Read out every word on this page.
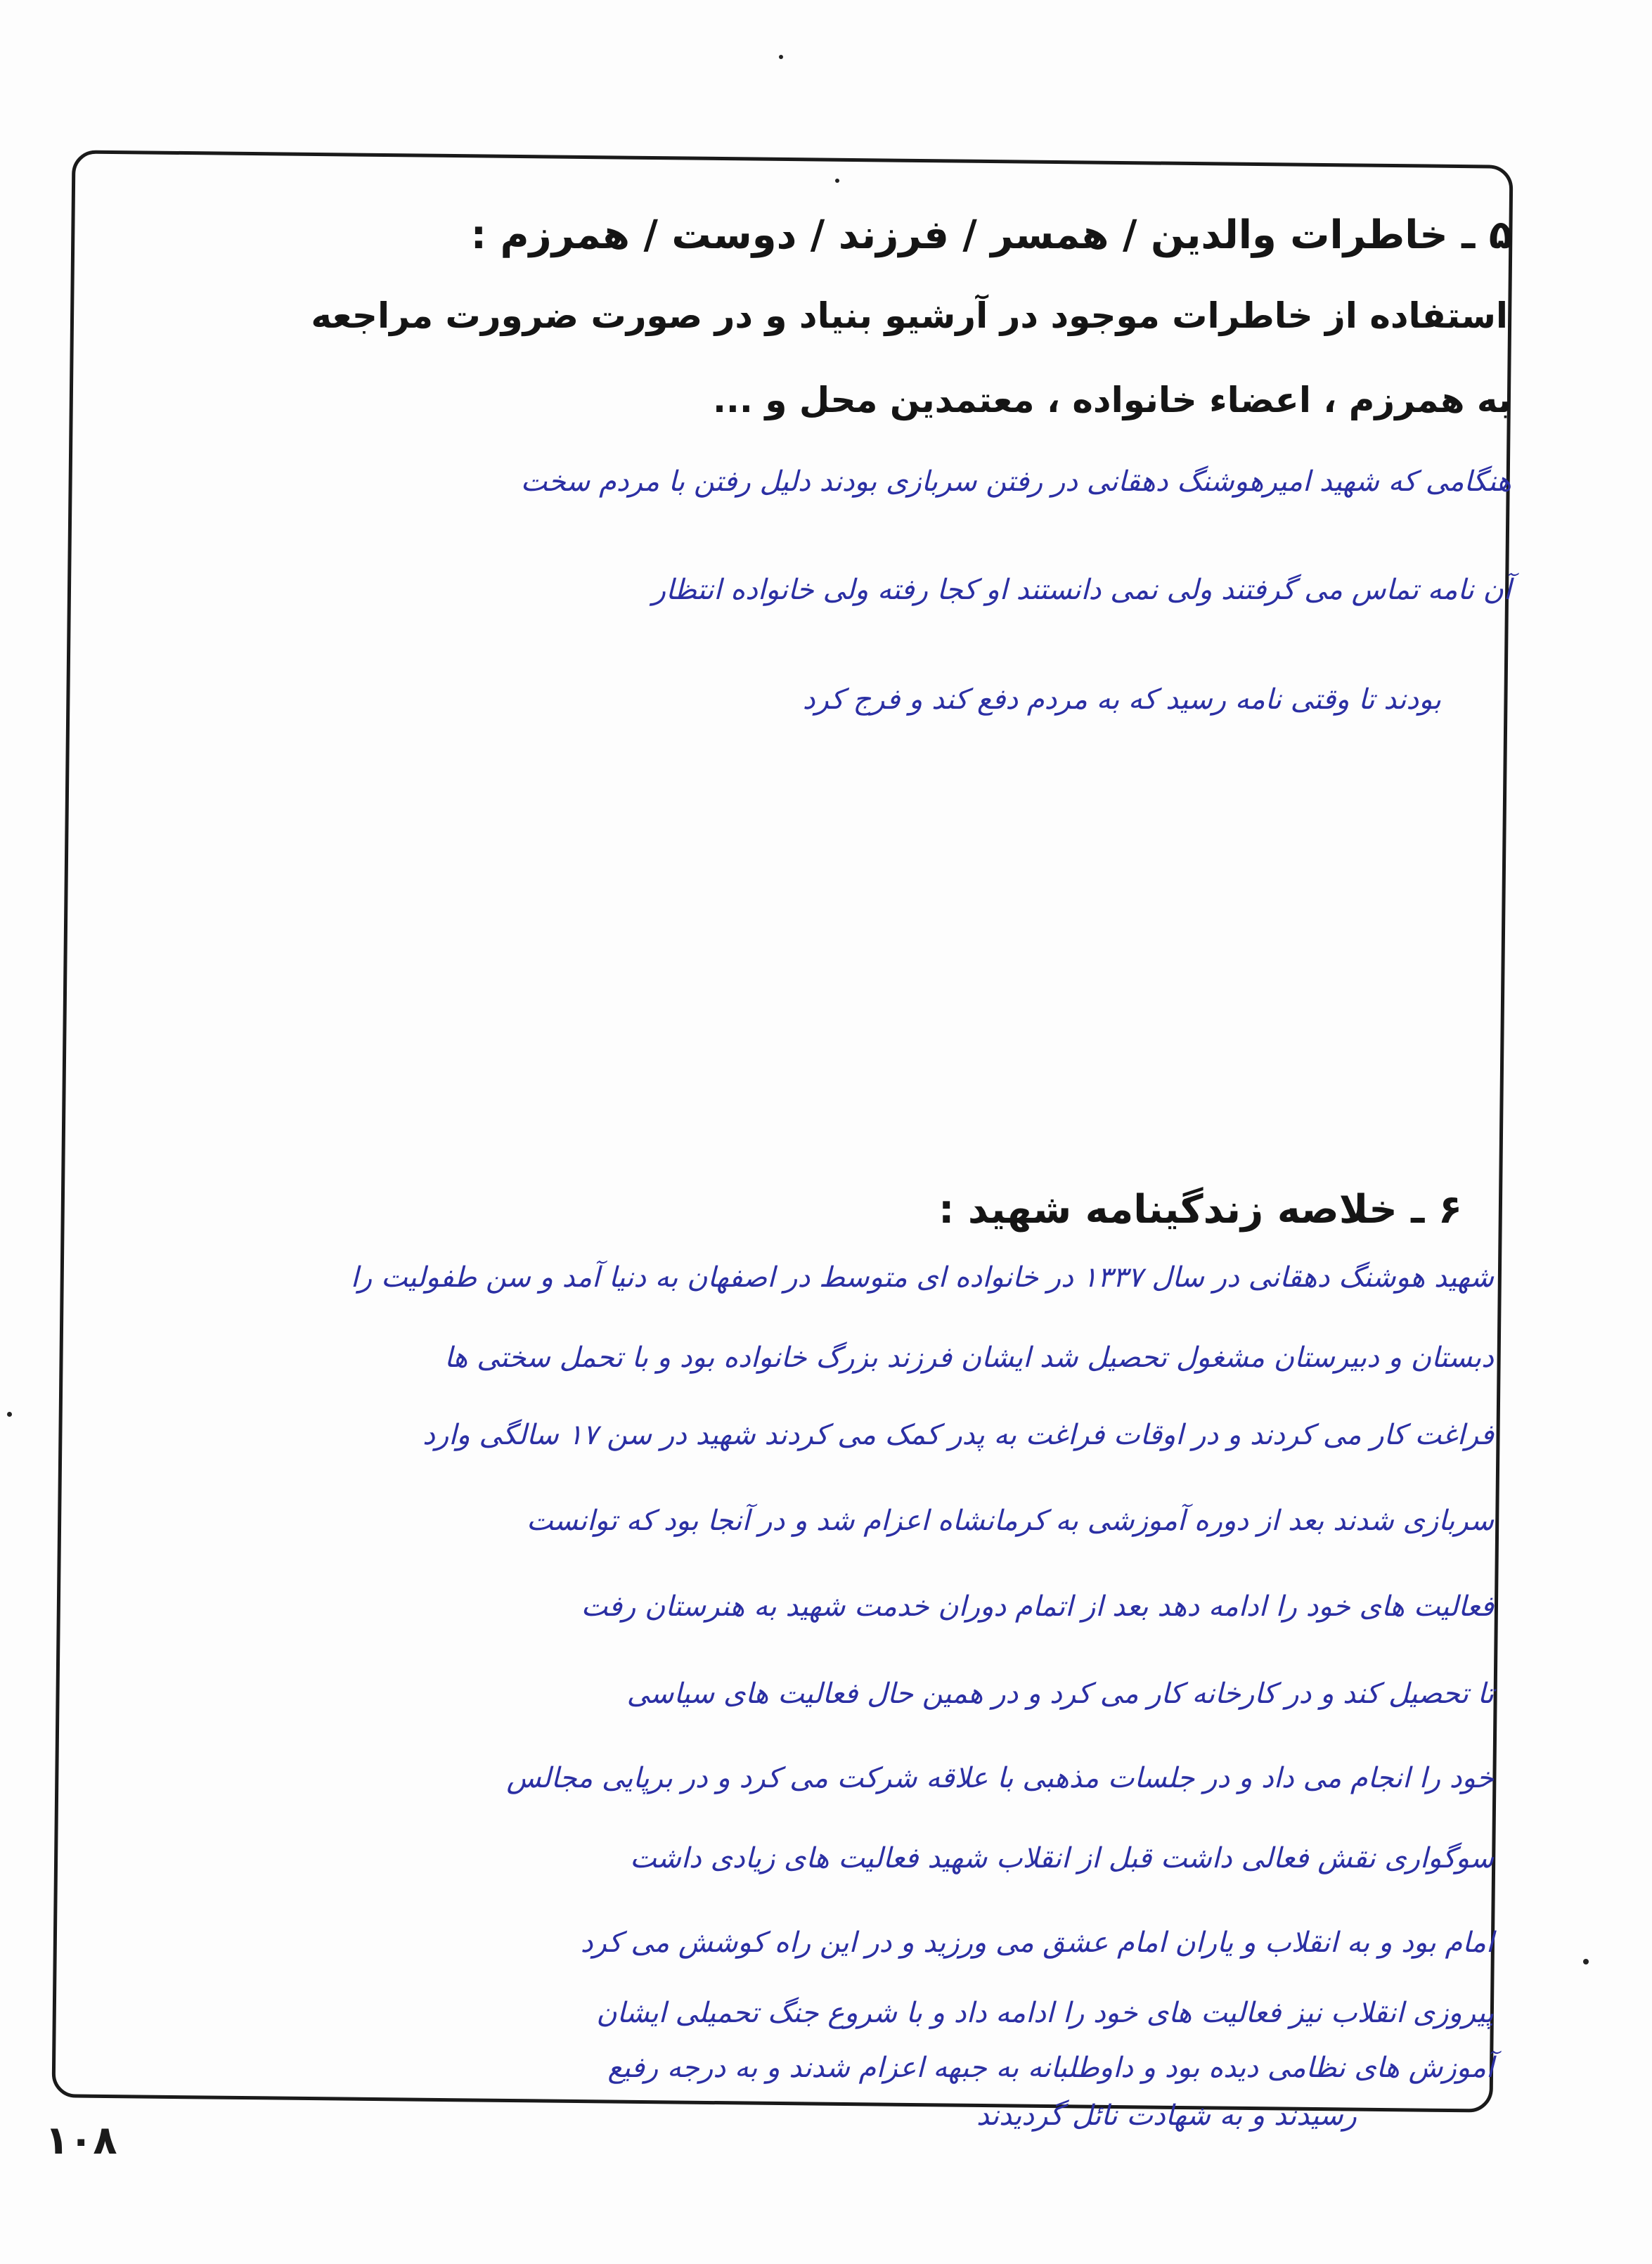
۵ ـ خاطرات والدین / همسر / فرزند / دوست / همرزم :
استفاده از خاطرات موجود در آرشیو بنیاد و در صورت ضرورت مراجعه
به همرزم ، اعضاء خانواده ، معتمدین محل و ...
هنگامی که شهید امیرهوشنگ دهقانی در رفتن سربازی بودند دلیل رفتن با مردم سخت
آن نامه تماس می گرفتند ولی نمی دانستند او کجا رفته ولی خانواده انتظار
بودند تا وقتی نامه رسید که به مردم دفع کند و فرج کرد
۶ ـ خلاصه زندگینامه شهید :
شهید هوشنگ دهقانی در سال ۱۳۳۷ در خانواده ای متوسط در اصفهان به دنیا آمد و سن طفولیت را
دبستان و دبیرستان مشغول تحصیل شد ایشان فرزند بزرگ خانواده بود و با تحمل سختی ها
فراغت کار می کردند و در اوقات فراغت به پدر کمک می کردند شهید در سن ۱۷ سالگی وارد
سربازی شدند بعد از دوره آموزشی به کرمانشاه اعزام شد و در آنجا بود که توانست
فعالیت های خود را ادامه دهد بعد از اتمام دوران خدمت شهید به هنرستان رفت
تا تحصیل کند و در کارخانه کار می کرد و در همین حال فعالیت های سیاسی
خود را انجام می داد و در جلسات مذهبی با علاقه شرکت می کرد و در برپایی مجالس
سوگواری نقش فعالی داشت قبل از انقلاب شهید فعالیت های زیادی داشت
امام بود و به انقلاب و یاران امام عشق می ورزید و در این راه کوشش می کرد
پیروزی انقلاب نیز فعالیت های خود را ادامه داد و با شروع جنگ تحمیلی ایشان
آموزش های نظامی دیده بود و داوطلبانه به جبهه اعزام شدند و به درجه رفیع
رسیدند و به شهادت نائل گردیدند
۱۰۸
